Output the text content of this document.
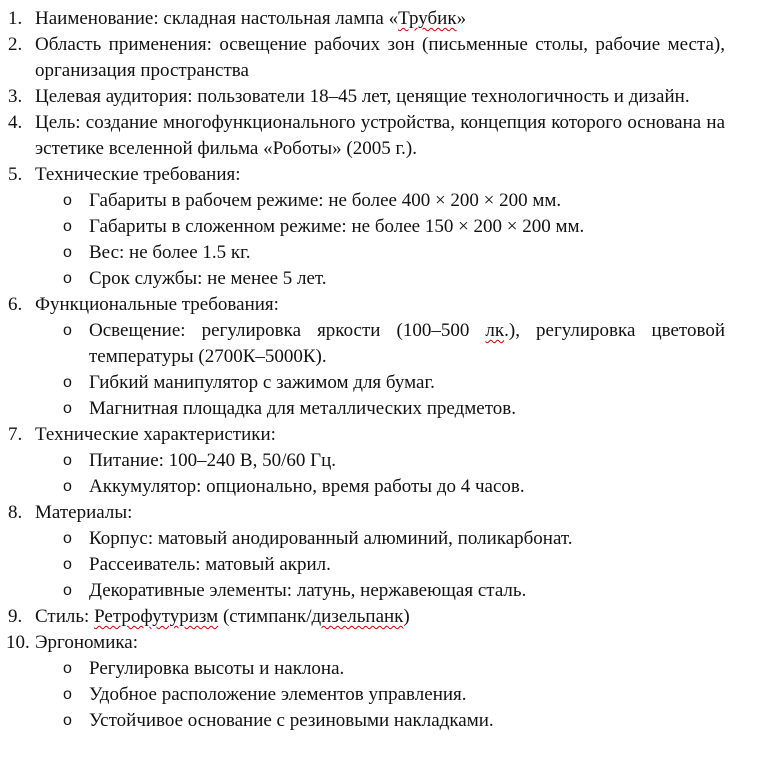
1. Наименование: складная настольная лампа «Трубик»
2. Область применения: освещение рабочих зон (письменные столы, рабочие места), организация пространства
3. Целевая аудитория: пользователи 18–45 лет, ценящие технологичность и дизайн.
4. Цель: создание многофункционального устройства, концепция которого основана на эстетике вселенной фильма «Роботы» (2005 г.).
5. Технические требования:
o Габариты в рабочем режиме: не более 400 × 200 × 200 мм.
o Габариты в сложенном режиме: не более 150 × 200 × 200 мм.
o Вес: не более 1.5 кг.
o Срок службы: не менее 5 лет.
6. Функциональные требования:
o Освещение: регулировка яркости (100–500 лк.), регулировка цветовой температуры (2700К–5000К).
o Гибкий манипулятор с зажимом для бумаг.
o Магнитная площадка для металлических предметов.
7. Технические характеристики:
o Питание: 100–240 В, 50/60 Гц.
o Аккумулятор: опционально, время работы до 4 часов.
8. Материалы:
o Корпус: матовый анодированный алюминий, поликарбонат.
o Рассеиватель: матовый акрил.
o Декоративные элементы: латунь, нержавеющая сталь.
9. Стиль: Ретрофутуризм (стимпанк/дизельпанк)
10. Эргономика:
o Регулировка высоты и наклона.
o Удобное расположение элементов управления.
o Устойчивое основание с резиновыми накладками.
